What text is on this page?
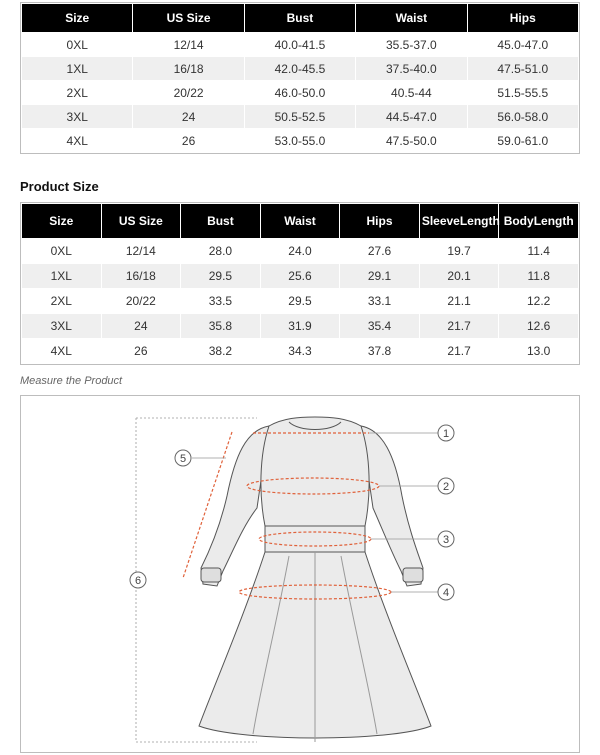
Size	US Size	Bust	Waist	Hips
0XL	12/14	40.0-41.5	35.5-37.0	45.0-47.0
1XL	16/18	42.0-45.5	37.5-40.0	47.5-51.0
2XL	20/22	46.0-50.0	40.5-44	51.5-55.5
3XL	24	50.5-52.5	44.5-47.0	56.0-58.0
4XL	26	53.0-55.0	47.5-50.0	59.0-61.0
Product Size
Size	US Size	Bust	Waist	Hips	SleeveLength	BodyLength
0XL	12/14	28.0	24.0	27.6	19.7	11.4
1XL	16/18	29.5	25.6	29.1	20.1	11.8
2XL	20/22	33.5	29.5	33.1	21.1	12.2
3XL	24	35.8	31.9	35.4	21.7	12.6
4XL	26	38.2	34.3	37.8	21.7	13.0
Measure the Product
1
2
3
4
5
6
